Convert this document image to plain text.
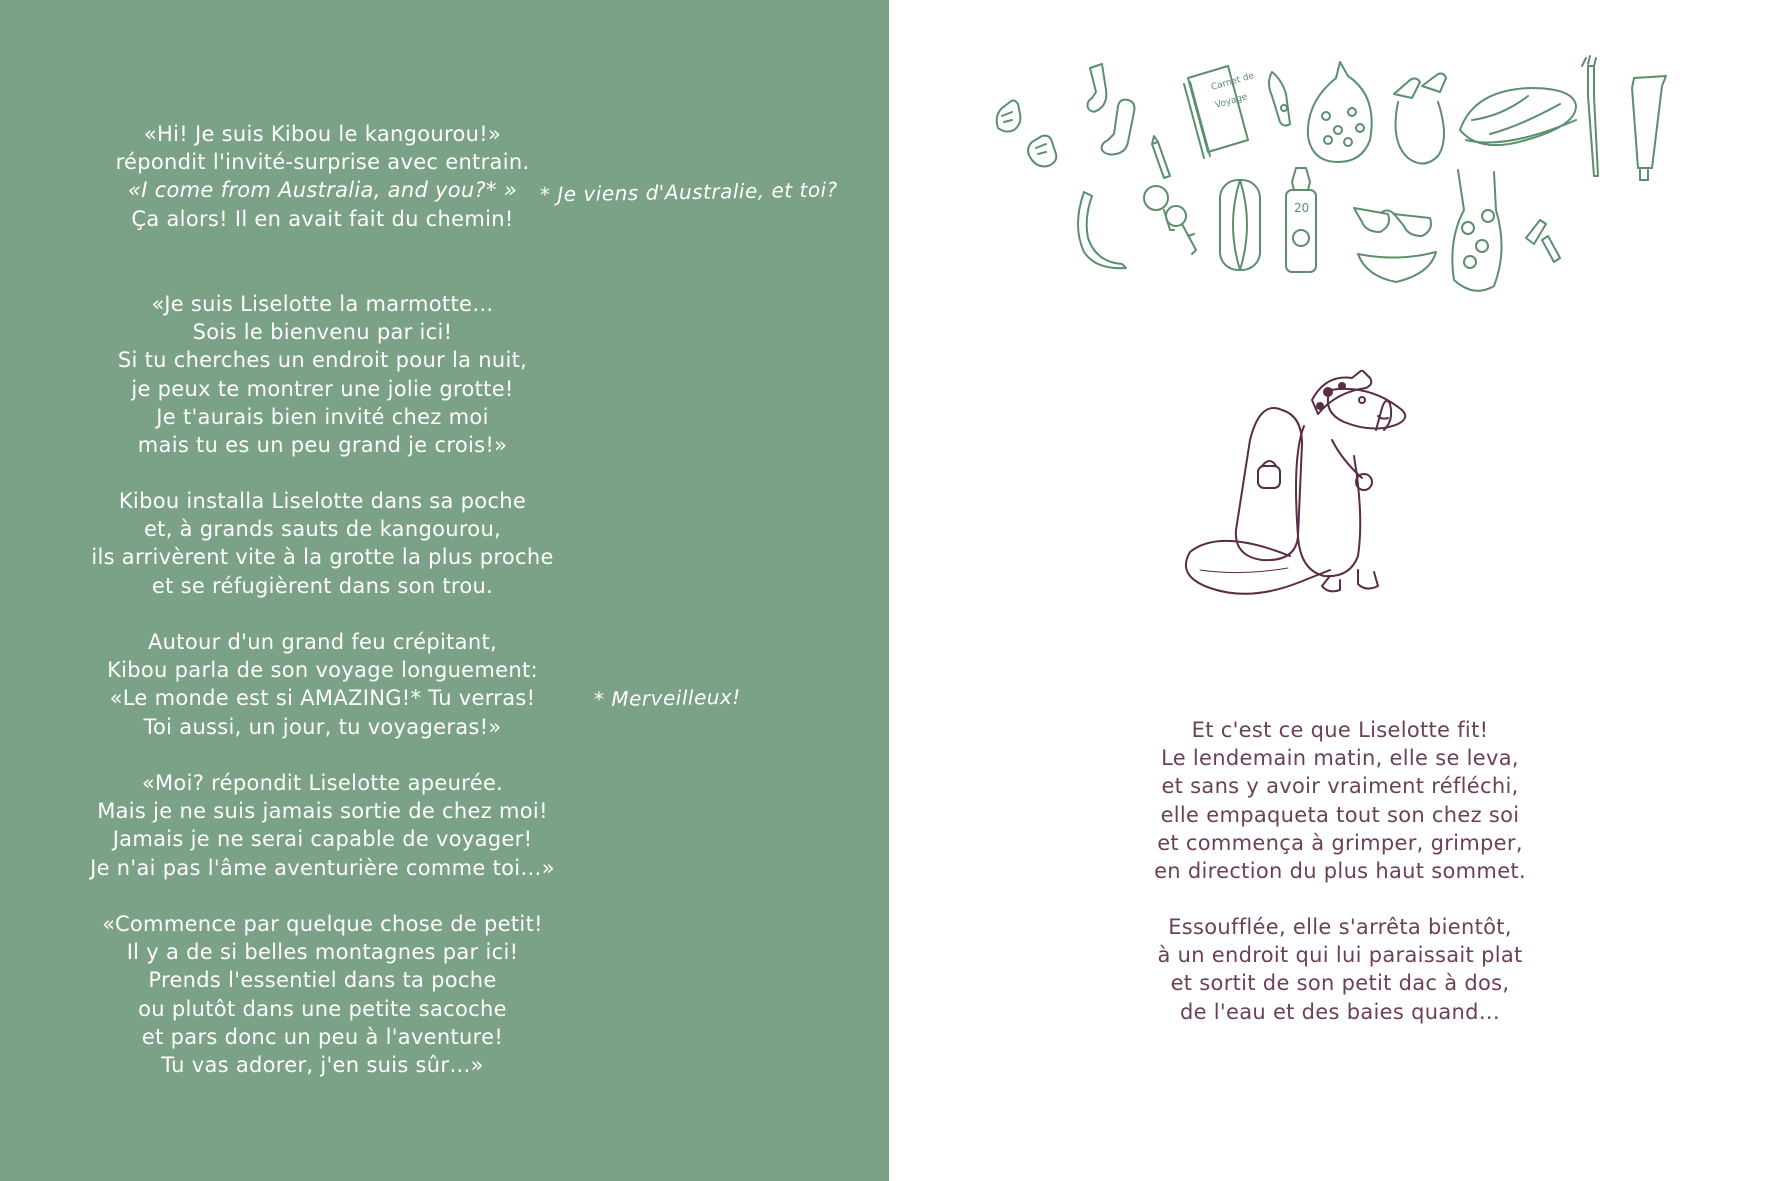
«Hi! Je suis Kibou le kangourou!»
répondit l'invité-surprise avec entrain.
«I come from Australia, and you?* »
Ça alors! Il en avait fait du chemin!
«Je suis Liselotte la marmotte…
Sois le bienvenu par ici!
Si tu cherches un endroit pour la nuit,
je peux te montrer une jolie grotte!
Je t'aurais bien invité chez moi
mais tu es un peu grand je crois!»
Kibou installa Liselotte dans sa poche
et, à grands sauts de kangourou,
ils arrivèrent vite à la grotte la plus proche
et se réfugièrent dans son trou.
Autour d'un grand feu crépitant,
Kibou parla de son voyage longuement:
«Le monde est si AMAZING!* Tu verras!
Toi aussi, un jour, tu voyageras!»
«Moi? répondit Liselotte apeurée.
Mais je ne suis jamais sortie de chez moi!
Jamais je ne serai capable de voyager!
Je n'ai pas l'âme aventurière comme toi…»
«Commence par quelque chose de petit!
Il y a de si belles montagnes par ici!
Prends l'essentiel dans ta poche
ou plutôt dans une petite sacoche
et pars donc un peu à l'aventure!
Tu vas adorer, j'en suis sûr…»
* Je viens d'Australie, et toi?
* Merveilleux!
Carnet de
Voyage
20
Et c'est ce que Liselotte fit!
Le lendemain matin, elle se leva,
et sans y avoir vraiment réfléchi,
elle empaqueta tout son chez soi
et commença à grimper, grimper,
en direction du plus haut sommet.
Essoufflée, elle s'arrêta bientôt,
à un endroit qui lui paraissait plat
et sortit de son petit dac à dos,
de l'eau et des baies quand…
